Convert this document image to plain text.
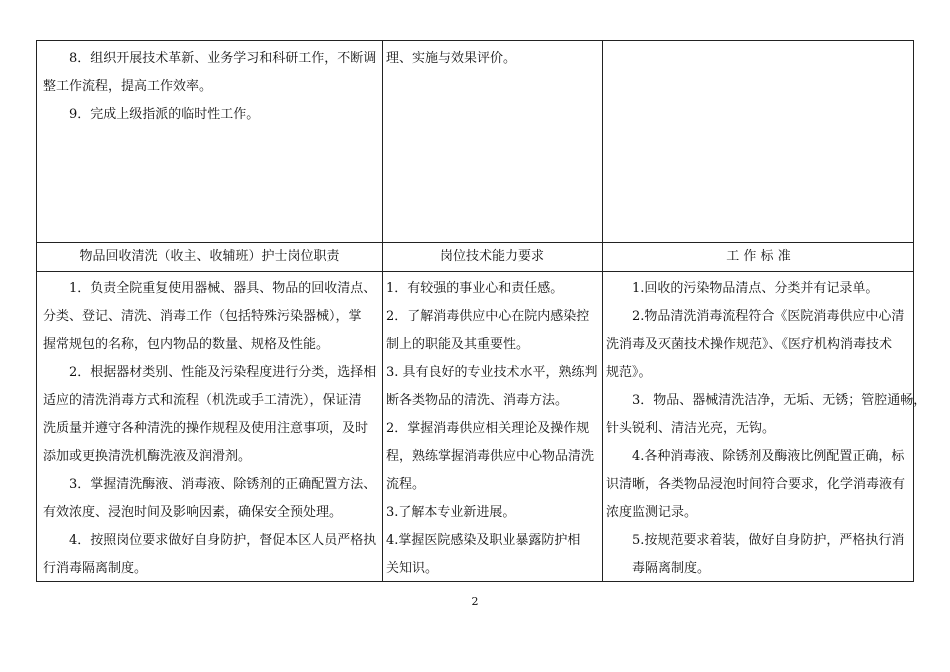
8．组织开展技术革新、业务学习和科研工作，不断调

整工作流程，提高工作效率。

9．完成上级指派的临时性工作。

理、实施与效果评价。

物品回收清洗（收主、收辅班）护士岗位职责	岗位技术能力要求	工 作 标 准

1．负责全院重复使用器械、器具、物品的回收清点、

分类、登记、清洗、消毒工作（包括特殊污染器械），掌

握常规包的名称，包内物品的数量、规格及性能。

2．根据器材类别、性能及污染程度进行分类，选择相

适应的清洗消毒方式和流程（机洗或手工清洗），保证清

洗质量并遵守各种清洗的操作规程及使用注意事项，及时

添加或更换清洗机酶洗液及润滑剂。

3．掌握清洗酶液、消毒液、除锈剂的正确配置方法、

有效浓度、浸泡时间及影响因素，确保安全预处理。

4．按照岗位要求做好自身防护，督促本区人员严格执

行消毒隔离制度。

1．有较强的事业心和责任感。

2．了解消毒供应中心在院内感染控

制上的职能及其重要性。

3. 具有良好的专业技术水平，熟练判

断各类物品的清洗、消毒方法。

2．掌握消毒供应相关理论及操作规

程，熟练掌握消毒供应中心物品清洗

流程。

3.了解本专业新进展。

4.掌握医院感染及职业暴露防护相

关知识。

1.回收的污染物品清点、分类并有记录单。

2.物品清洗消毒流程符合《医院消毒供应中心清

洗消毒及灭菌技术操作规范》、《医疗机构消毒技术

规范》。

3．物品、器械清洗洁净，无垢、无锈；管腔通畅，

针头锐利、清洁光亮，无钩。

4.各种消毒液、除锈剂及酶液比例配置正确，标

识清晰，各类物品浸泡时间符合要求，化学消毒液有

浓度监测记录。

5.按规范要求着装，做好自身防护，严格执行消

毒隔离制度。

2
